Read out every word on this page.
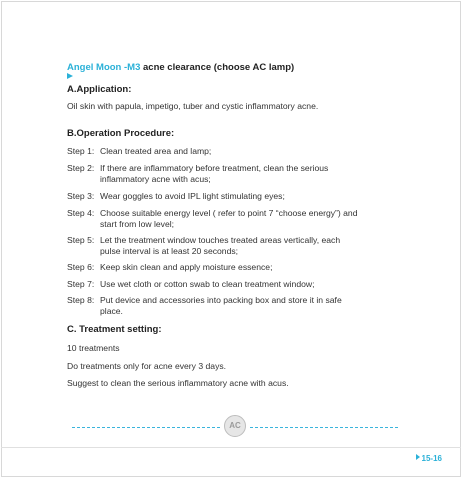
Angel Moon -M3 acne clearance (choose AC lamp)
A.Application:
Oil skin with papula, impetigo, tuber and cystic inflammatory acne.
B.Operation Procedure:
Step 1: Clean treated area and lamp;
Step 2: If there are inflammatory before treatment, clean the serious
inflammatory acne with acus;
Step 3: Wear goggles to avoid IPL light stimulating eyes;
Step 4: Choose suitable energy level ( refer to point 7 “choose energy”) and
start from low level;
Step 5: Let the treatment window touches treated areas vertically, each
pulse interval is at least 20 seconds;
Step 6: Keep skin clean and apply moisture essence;
Step 7: Use wet cloth or cotton swab to clean treatment window;
Step 8: Put device and accessories into packing box and store it in safe
place.
C. Treatment setting:
10 treatments
Do treatments only for acne every 3 days.
Suggest to clean the serious inflammatory acne with acus.
AC
15-16
